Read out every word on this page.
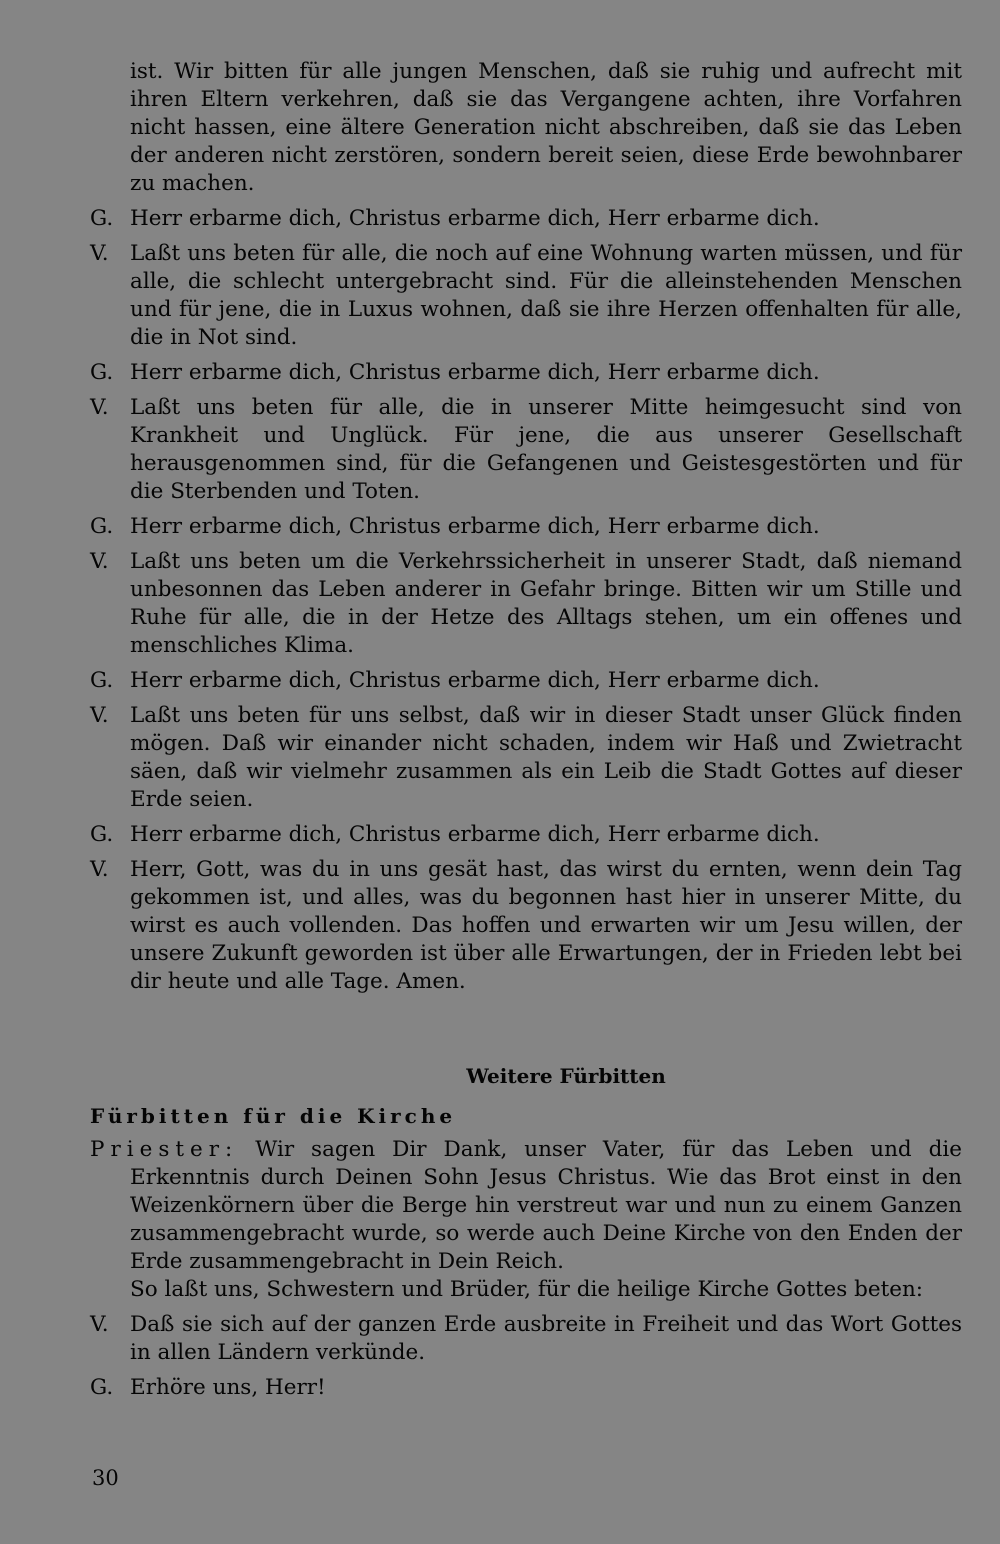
ist. Wir bitten für alle jungen Menschen, daß sie ruhig und aufrecht mit ihren Eltern verkehren, daß sie das Vergangene achten, ihre Vorfahren nicht hassen, eine ältere Generation nicht abschreiben, daß sie das Leben der anderen nicht zerstören, sondern bereit seien, diese Erde bewohnbarer zu machen.
G. Herr erbarme dich, Christus erbarme dich, Herr erbarme dich.
V. Laßt uns beten für alle, die noch auf eine Wohnung warten müssen, und für alle, die schlecht untergebracht sind. Für die alleinstehenden Menschen und für jene, die in Luxus wohnen, daß sie ihre Herzen offenhalten für alle, die in Not sind.
G. Herr erbarme dich, Christus erbarme dich, Herr erbarme dich.
V. Laßt uns beten für alle, die in unserer Mitte heimgesucht sind von Krankheit und Unglück. Für jene, die aus unserer Gesellschaft herausgenommen sind, für die Gefangenen und Geistesgestörten und für die Sterbenden und Toten.
G. Herr erbarme dich, Christus erbarme dich, Herr erbarme dich.
V. Laßt uns beten um die Verkehrssicherheit in unserer Stadt, daß niemand unbesonnen das Leben anderer in Gefahr bringe. Bitten wir um Stille und Ruhe für alle, die in der Hetze des Alltags stehen, um ein offenes und menschliches Klima.
G. Herr erbarme dich, Christus erbarme dich, Herr erbarme dich.
V. Laßt uns beten für uns selbst, daß wir in dieser Stadt unser Glück finden mögen. Daß wir einander nicht schaden, indem wir Haß und Zwietracht säen, daß wir vielmehr zusammen als ein Leib die Stadt Gottes auf dieser Erde seien.
G. Herr erbarme dich, Christus erbarme dich, Herr erbarme dich.
V. Herr, Gott, was du in uns gesät hast, das wirst du ernten, wenn dein Tag gekommen ist, und alles, was du begonnen hast hier in unserer Mitte, du wirst es auch vollenden. Das hoffen und erwarten wir um Jesu willen, der unsere Zukunft geworden ist über alle Erwartungen, der in Frieden lebt bei dir heute und alle Tage. Amen.
Weitere Fürbitten
Fürbitten für die Kirche
Priester: Wir sagen Dir Dank, unser Vater, für das Leben und die Erkenntnis durch Deinen Sohn Jesus Christus. Wie das Brot einst in den Weizenkörnern über die Berge hin verstreut war und nun zu einem Ganzen zusammengebracht wurde, so werde auch Deine Kirche von den Enden der Erde zusammengebracht in Dein Reich.
So laßt uns, Schwestern und Brüder, für die heilige Kirche Gottes beten:
V. Daß sie sich auf der ganzen Erde ausbreite in Freiheit und das Wort Gottes in allen Ländern verkünde.
G. Erhöre uns, Herr!
30
